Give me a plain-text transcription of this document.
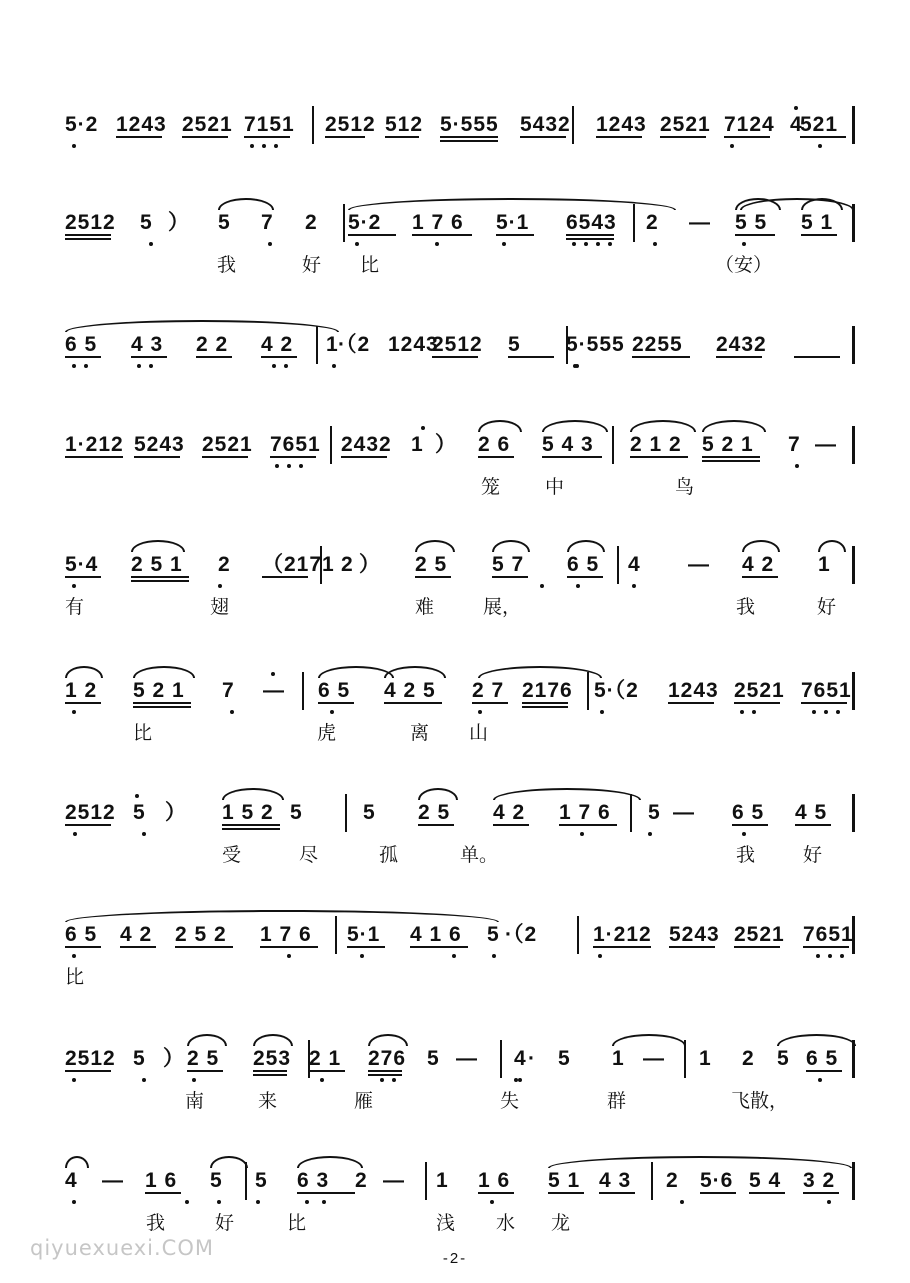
5·2 1243 2521 7151 2512 512 5·555 5432 1243 2521 7124 4
521
2512 5 ） 5 7 2 5·2 1 7 6 5·1 6543 2 — 5 5 5 1
我	好 比	（安）
6 5 4 3 2 2 4 2 1 ·（2 1243
2512 5 5·555 2255 2432
1·212 5243 2521 7651 2432 1 ） 2 6 5 4 3 2 1 2 5 2 1 7 —
笼 中	鸟
5·4 2 5 1 2 （2171 2 ） 2 5 5 7 6 5 4 — 4 2 1
有	翅	难	展，	我	好
1 2 5 2 1 7 — 6 5 4 2 5 2 7 2176 5·（2 1243 2521 7651
比	虎	离 山
2512 5 ） 1 5 2 5	5 2 5 4 2 1 7 6 5 — 6 5 4 5
受	尽	孤	单。	我	好
6 5 4 2 2 5 2 1 7 6 5·1 4 1 6 5 ·（2	1·212 5243 2521 7651
比
2512 5 ） 2 5 253 2 1 276 5 — 4 · 5 1 — 1 2 5 6 5
南	来	雁	失	群	飞散，
4 — 1 6 5 5 6 3 2 — 1 1 6 5 1 4 3 2 5·6 5 4 3 2
我	好	比	浅 水 龙
-2-
qiyuexuexi.COM
